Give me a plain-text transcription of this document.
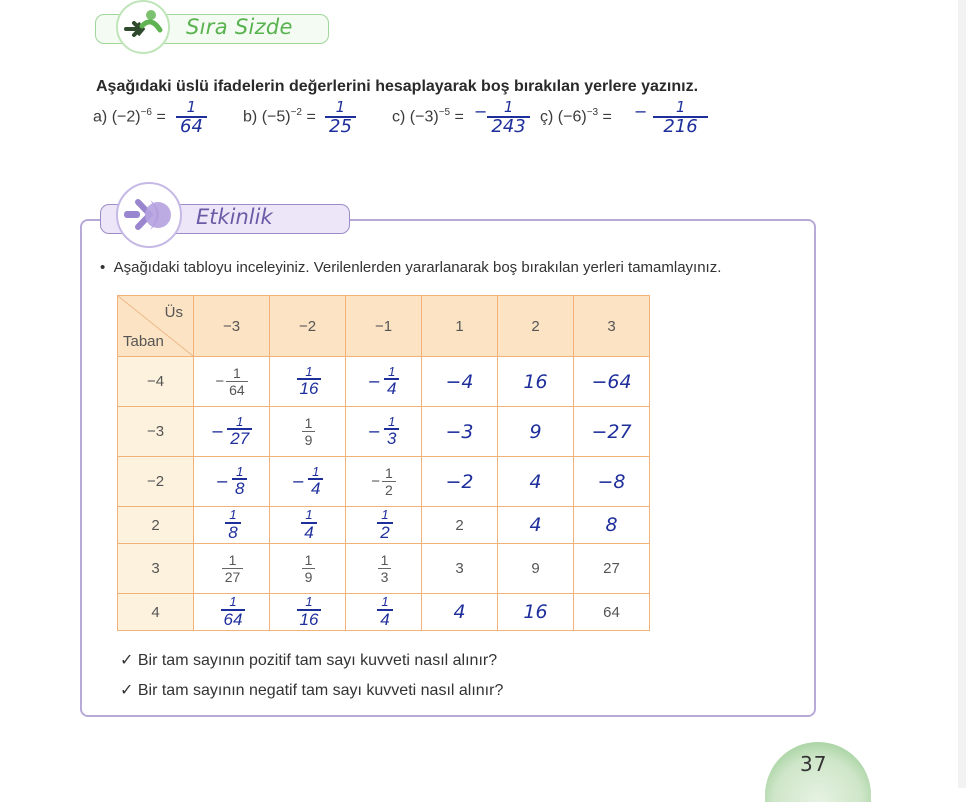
Sıra Sizde
Aşağıdaki üslü ifadelerin değerlerini hesaplayarak boş bırakılan yerlere yazınız.
a) $(-2)^{-6}$ =
1
64	b) $(-5)^{-2}$ =
1
25	c) $(-3)^{-5}$ = − $\frac{1}{243}$ ç) $(-6)^{-3}$ = − $\frac{1}{216}$
Etkinlik
•  Aşağıdaki tabloyu inceleyiniz. Verilenlerden yararlanarak boş bırakılan yerleri tamamlayınız.
Üs
Taban	−3	−2	−1	1	2	3
−4	− $\frac{1}{64}$	$\frac{1}{16}$	− $\frac{1}{4}$	−4	16	−64
−3	− $\frac{1}{27}$	$\frac{1}{9}$	− $\frac{1}{3}$	−3	9	−27
−2	− $\frac{1}{8}$	− $\frac{1}{4}$	− $\frac{1}{2}$	−2	4	−8
2	$\frac{1}{8}$	$\frac{1}{4}$	$\frac{1}{2}$	2	4	8
3	$\frac{1}{27}$	$\frac{1}{9}$	$\frac{1}{3}$	3	9	27
4	$\frac{1}{64}$	$\frac{1}{16}$	$\frac{1}{4}$	4	16	64
✓ Bir tam sayının pozitif tam sayı kuvveti nasıl alınır?
✓ Bir tam sayının negatif tam sayı kuvveti nasıl alınır?
37
